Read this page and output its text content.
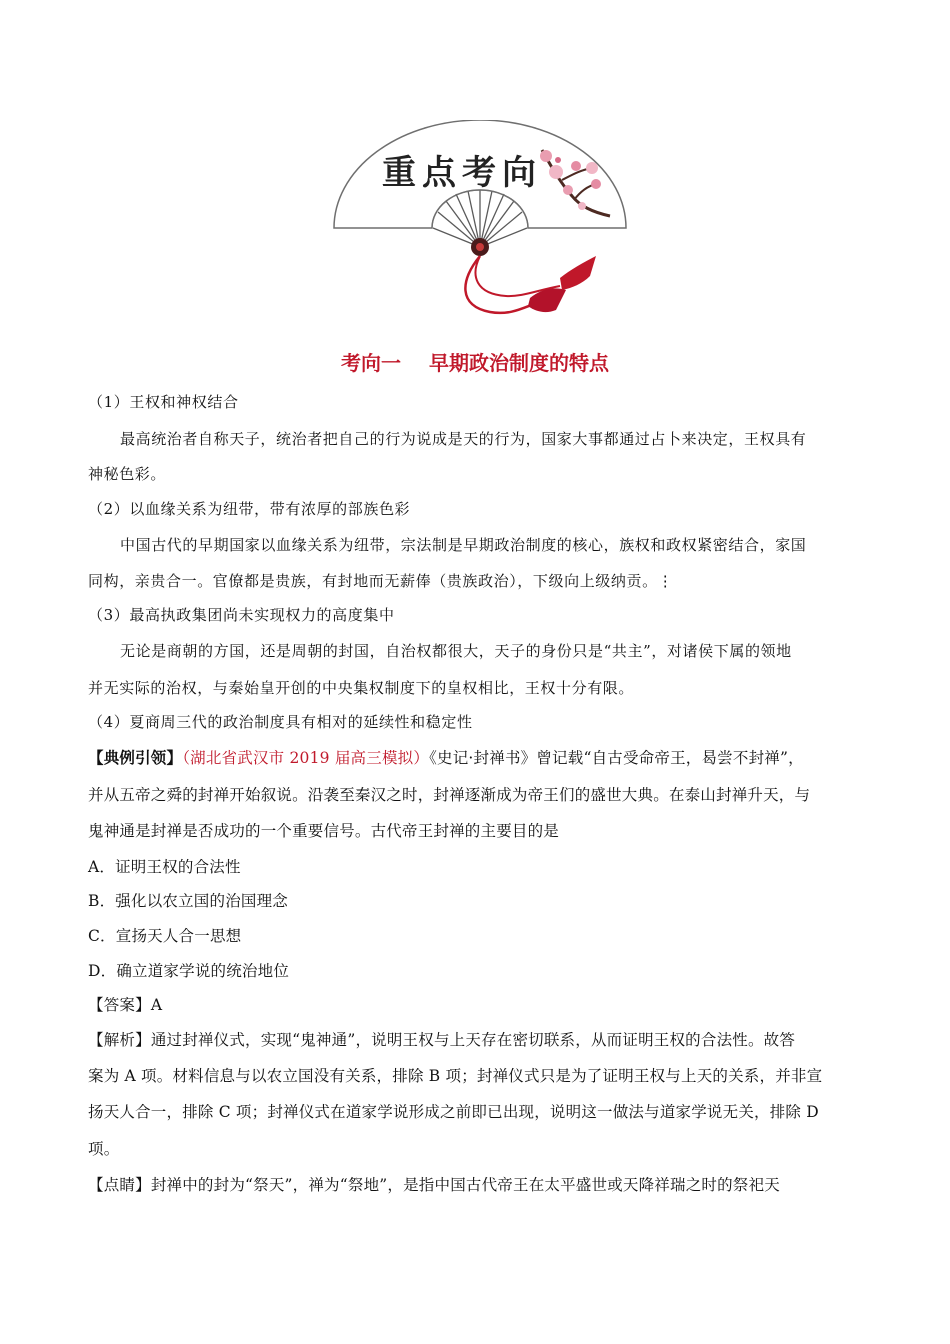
重点考向
考向一 早期政治制度的特点
（1）王权和神权结合
最高统治者自称天子，统治者把自己的行为说成是天的行为，国家大事都通过占卜来决定，王权具有
神秘色彩。
（2）以血缘关系为纽带，带有浓厚的部族色彩
中国古代的早期国家以血缘关系为纽带，宗法制是早期政治制度的核心，族权和政权紧密结合，家国
同构，亲贵合一。官僚都是贵族，有封地而无薪俸（贵族政治），下级向上级纳贡。⋮
（3）最高执政集团尚未实现权力的高度集中
无论是商朝的方国，还是周朝的封国，自治权都很大，天子的身份只是“共主”，对诸侯下属的领地
并无实际的治权，与秦始皇开创的中央集权制度下的皇权相比，王权十分有限。
（4）夏商周三代的政治制度具有相对的延续性和稳定性
【典例引领】（湖北省武汉市 2019 届高三模拟）《史记·封禅书》曾记载“自古受命帝王，曷尝不封禅”，
并从五帝之舜的封禅开始叙说。沿袭至秦汉之时，封禅逐渐成为帝王们的盛世大典。在泰山封禅升天，与
鬼神通是封禅是否成功的一个重要信号。古代帝王封禅的主要目的是
A．证明王权的合法性
B．强化以农立国的治国理念
C．宣扬天人合一思想
D．确立道家学说的统治地位
【答案】A
【解析】通过封禅仪式，实现“鬼神通”，说明王权与上天存在密切联系，从而证明王权的合法性。故答
案为 A 项。材料信息与以农立国没有关系，排除 B 项；封禅仪式只是为了证明王权与上天的关系，并非宣
扬天人合一，排除 C 项；封禅仪式在道家学说形成之前即已出现，说明这一做法与道家学说无关，排除 D
项。
【点睛】封禅中的封为“祭天”，禅为“祭地”，是指中国古代帝王在太平盛世或天降祥瑞之时的祭祀天
